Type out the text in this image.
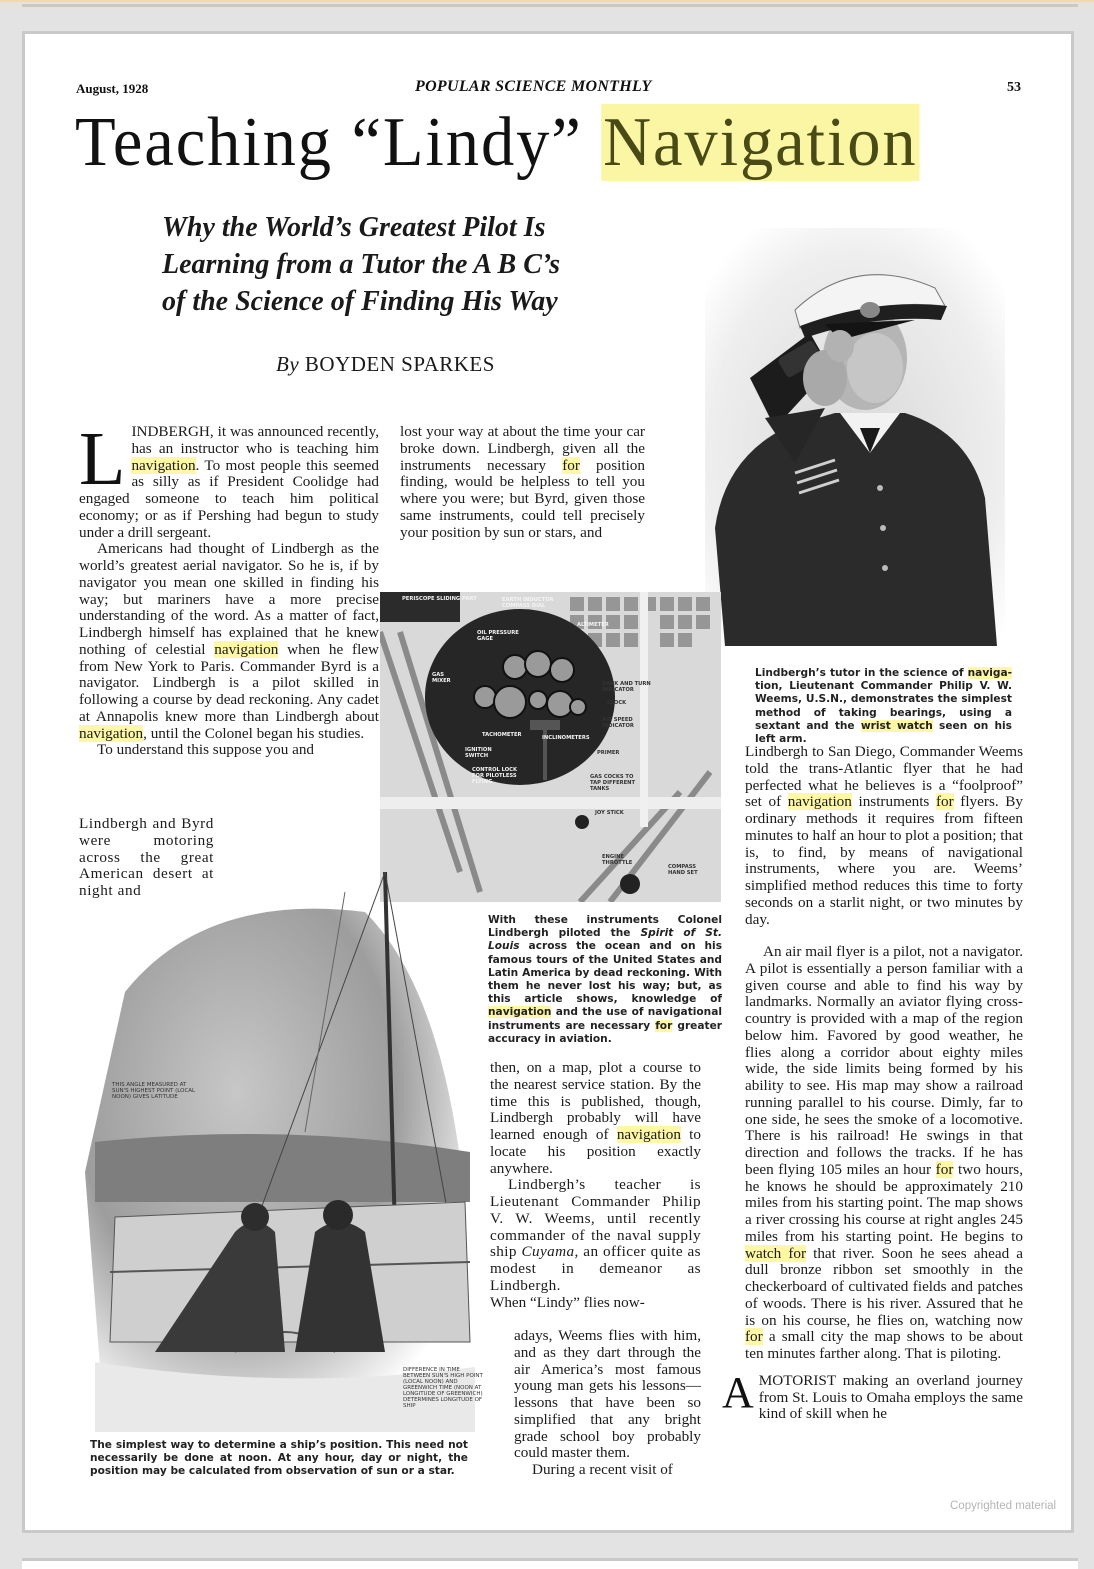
August, 1928	POPULAR SCIENCE MONTHLY	53
Teaching “Lindy” Navigation
Why the World’s Greatest Pilot Is
Learning from a Tutor the A B C’s
of the Science of Finding His Way
By BOYDEN SPARKES
Lindbergh’s tutor in the science of naviga-tion, Lieutenant Commander Philip V. W. Weems, U.S.N., demonstrates the simplest method of taking bearings, using a sextant and the wrist watch seen on his left arm.

LINDBERGH, it was announced recently, has an instructor who is teaching him navigation. To most people this seemed as silly as if President Coolidge had engaged someone to teach him political economy; or as if Pershing had begun to study under a drill sergeant.

Americans had thought of Lindbergh as the world’s greatest aerial navigator. So he is, if by navigator you mean one skilled in finding his way; but mariners have a more precise understanding of the word. As a matter of fact, Lindbergh himself has explained that he knew nothing of celestial navigation when he flew from New York to Paris. Commander Byrd is a navigator. Lindbergh is a pilot skilled in following a course by dead reckoning. Any cadet at Annapolis knew more than Lindbergh about navigation, until the Colonel began his studies.

To understand this suppose you and

Lindbergh and Byrd were motoring across the great American desert at night and

lost your way at about the time your car broke down. Lindbergh, given all the instruments necessary for position finding, would be helpless to tell you where you were; but Byrd, given those same instruments, could tell precisely your position by sun or stars, and

PERISCOPE SLIDING PART	EARTH INDUCTOR COMPASS DIAL
ALTIMETER
OIL PRESSURE GAGE
GAS MIXER	BANK AND TURN INDICATOR
CLOCK
AIR SPEED INDICATOR
TACHOMETER	INCLINOMETERS
IGNITION SWITCH	PRIMER
CONTROL LOCK FOR PILOTLESS FLYING
GAS COCKS TO TAP DIFFERENT TANKS
JOY STICK
ENGINE THROTTLE
COMPASS HAND SET
With these instruments Colonel Lindbergh piloted the Spirit of St. Louis across the ocean and on his famous tours of the United States and Latin America by dead reckoning. With them he never lost his way; but, as this article shows, knowledge of navigation and the use of navigational instruments are necessary for greater accuracy in aviation.
THIS ANGLE MEASURED AT SUN'S HIGHEST POINT (LOCAL NOON) GIVES LATITUDE
DIFFERENCE IN TIME BETWEEN SUN'S HIGH POINT (LOCAL NOON) AND GREENWICH TIME (NOON AT LONGITUDE OF GREENWICH) DETERMINES LONGITUDE OF SHIP
The simplest way to determine a ship’s position. This need not necessarily be done at noon. At any hour, day or night, the position may be calculated from observation of sun or a star.

then, on a map, plot a course to the nearest service station. By the time this is published, though, Lindbergh probably will have learned enough of navigation to locate his position exactly anywhere.

Lindbergh’s teacher is Lieutenant Commander Philip V. W. Weems, until recently commander of the naval supply ship Cuyama, an officer quite as modest in demeanor as Lindbergh.

When “Lindy” flies now-

adays, Weems flies with him, and as they dart through the air America’s most famous young man gets his lessons—lessons that have been so simplified that any bright grade school boy probably could master them.

During a recent visit of

Lindbergh to San Diego, Commander Weems told the trans-Atlantic flyer that he had perfected what he believes is a “foolproof” set of navigation instruments for flyers. By ordinary methods it requires from fifteen minutes to half an hour to plot a position; that is, to find, by means of navigational instruments, where you are. Weems’ simplified method reduces this time to forty seconds on a starlit night, or two minutes by day.

An air mail flyer is a pilot, not a navigator. A pilot is essentially a person familiar with a given course and able to find his way by landmarks. Normally an aviator flying cross-country is provided with a map of the region below him. Favored by good weather, he flies along a corridor about eighty miles wide, the side limits being formed by his ability to see. His map may show a railroad running parallel to his course. Dimly, far to one side, he sees the smoke of a locomotive. There is his railroad! He swings in that direction and follows the tracks. If he has been flying 105 miles an hour for two hours, he knows he should be approximately 210 miles from his starting point. The map shows a river crossing his course at right angles 245 miles from his starting point. He begins to watch for that river. Soon he sees ahead a dull bronze ribbon set smoothly in the checkerboard of cultivated fields and patches of woods. There is his river. Assured that he is on his course, he flies on, watching now for a small city the map shows to be about ten minutes farther along. That is piloting.

AMOTORIST making an overland journey from St. Louis to Omaha employs the same kind of skill when he

Copyrighted material
